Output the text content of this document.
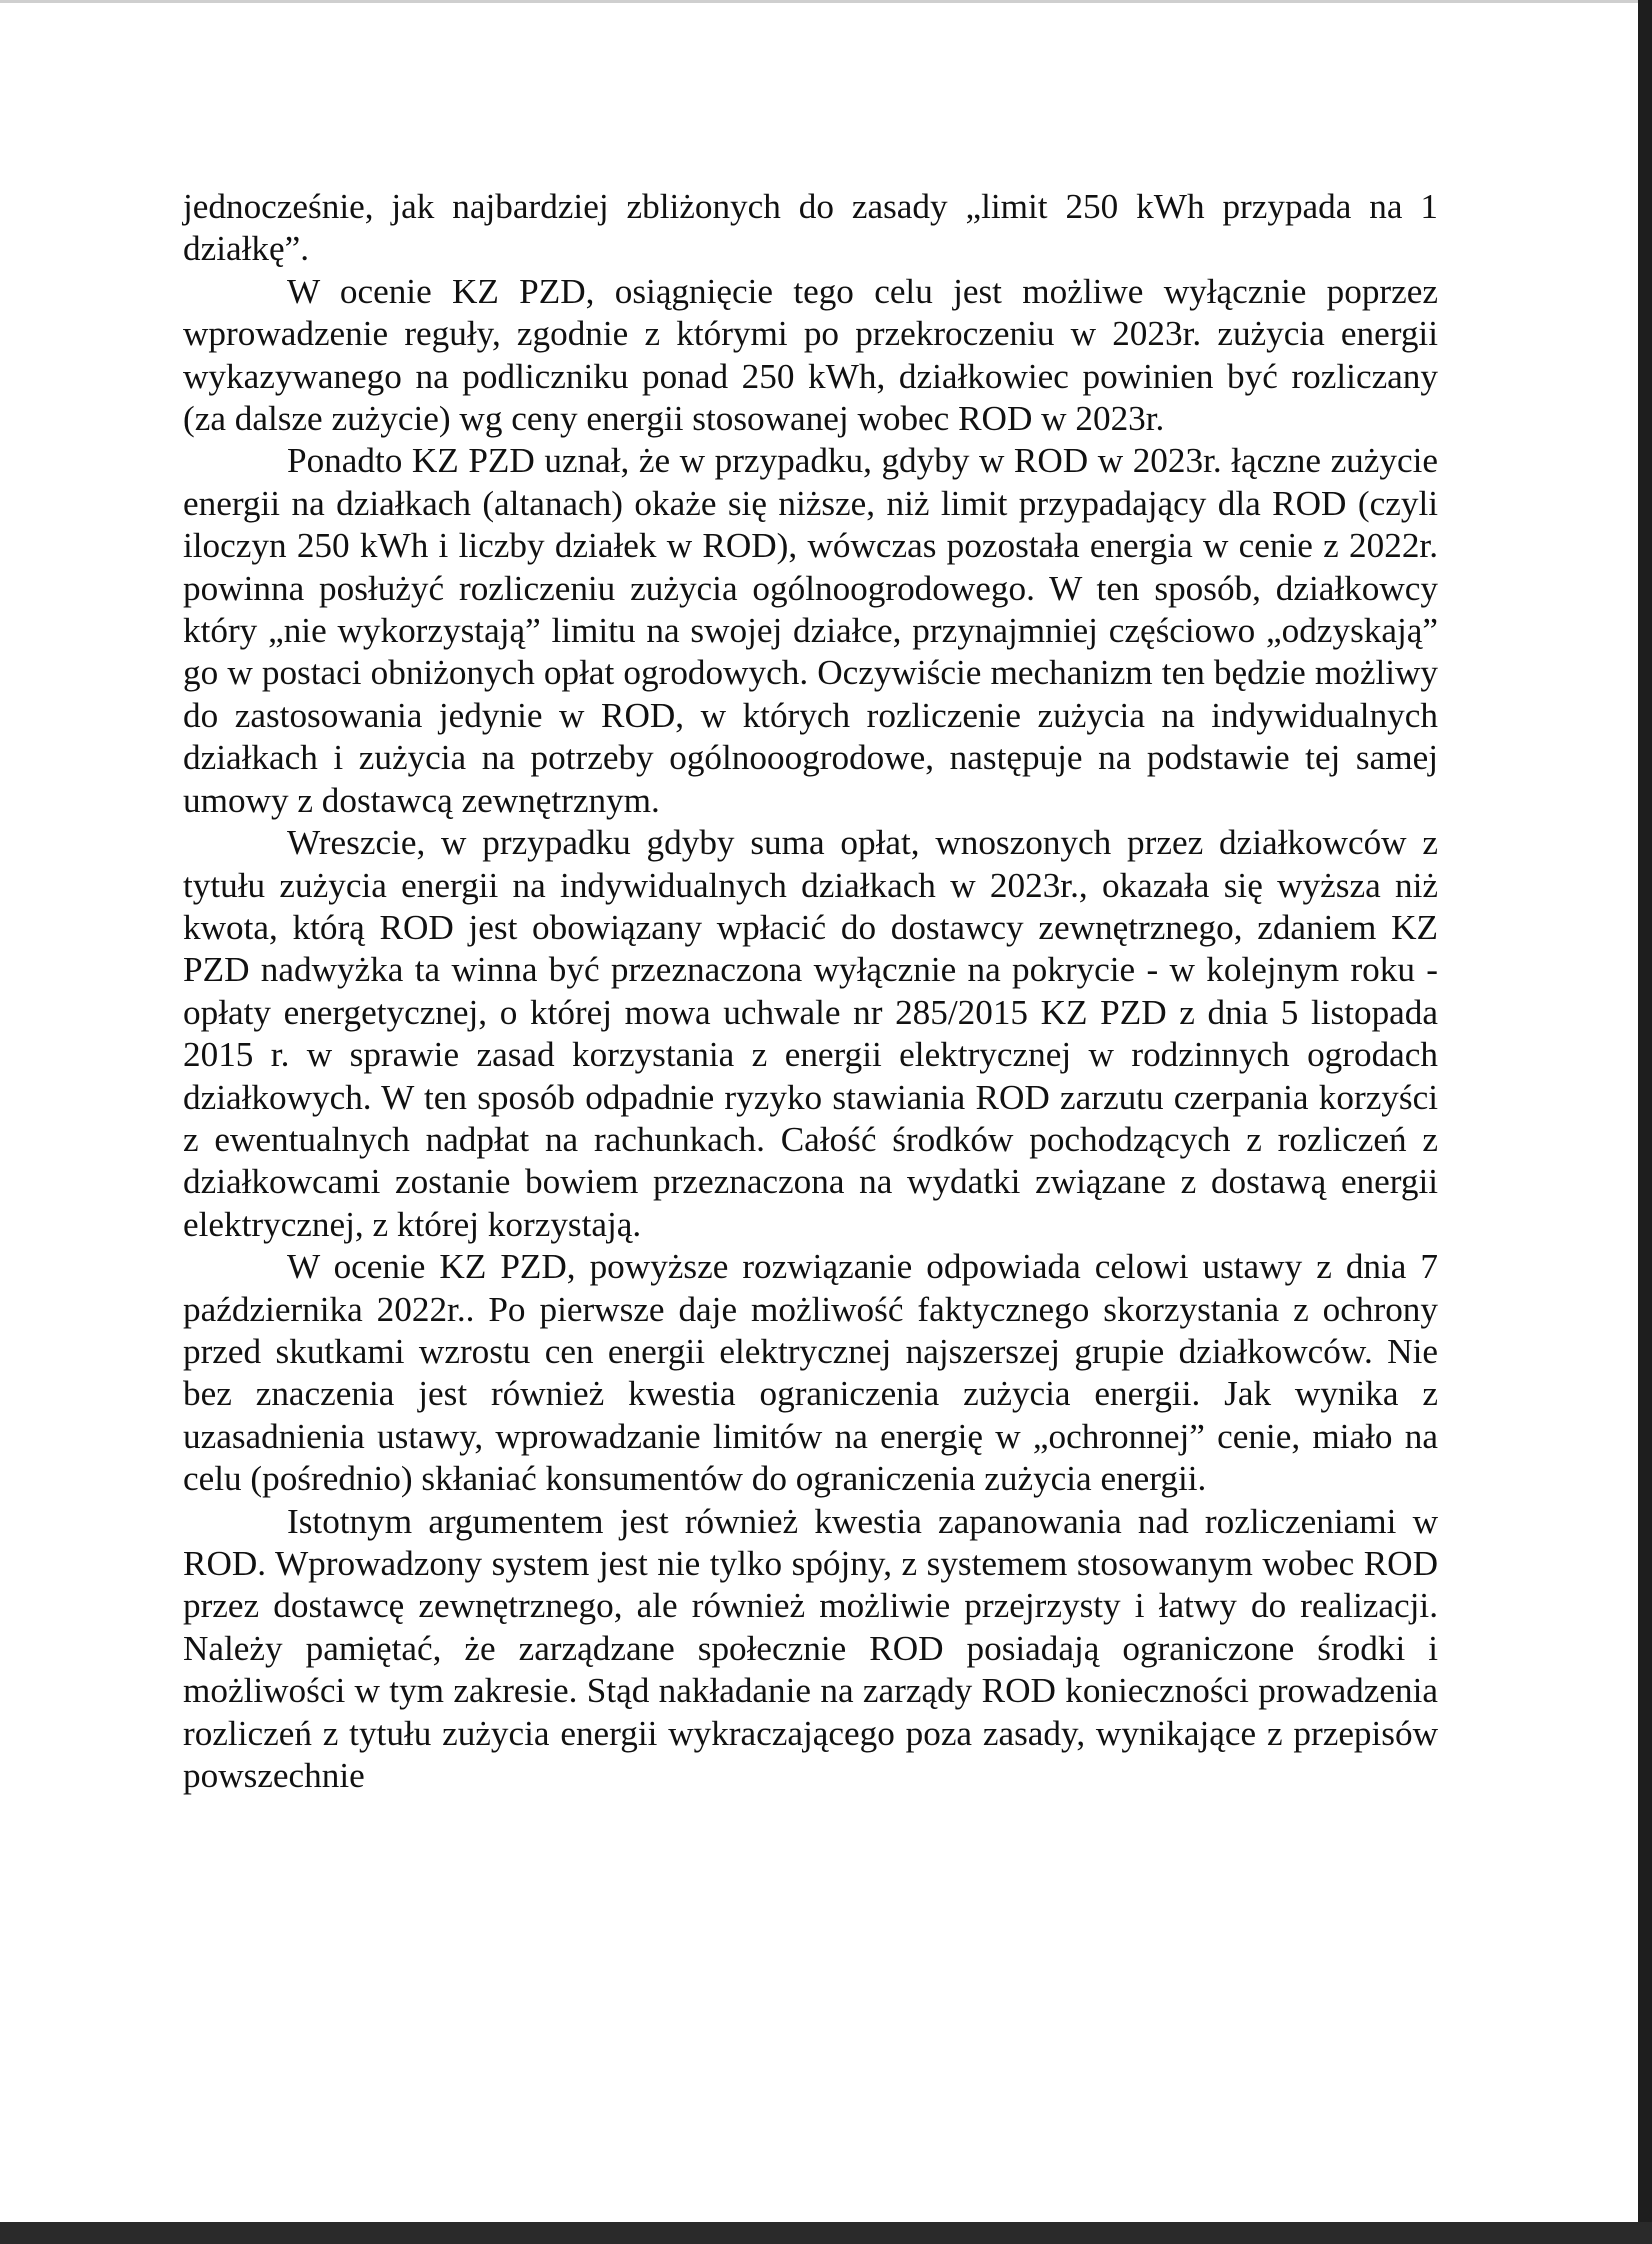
jednocześnie, jak najbardziej zbliżonych do zasady „limit 250 kWh przypada na 1 działkę”.

W ocenie KZ PZD, osiągnięcie tego celu jest możliwe wyłącznie poprzez wprowadzenie reguły, zgodnie z którymi po przekroczeniu w 2023r. zużycia energii wykazywanego na podliczniku ponad 250 kWh, działkowiec powinien być rozliczany (za dalsze zużycie) wg ceny energii stosowanej wobec ROD w 2023r.

Ponadto KZ PZD uznał, że w przypadku, gdyby w ROD w 2023r. łączne zużycie energii na działkach (altanach) okaże się niższe, niż limit przypadający dla ROD (czyli iloczyn 250 kWh i liczby działek w ROD), wówczas pozostała energia w cenie z 2022r. powinna posłużyć rozliczeniu zużycia ogólnoogrodowego. W ten sposób, działkowcy który „nie wykorzystają” limitu na swojej działce, przynajmniej częściowo „odzyskają” go w postaci obniżonych opłat ogrodowych. Oczywiście mechanizm ten będzie możliwy do zastosowania jedynie w ROD, w których rozliczenie zużycia na indywidualnych działkach i zużycia na potrzeby ogólnooogrodowe, następuje na podstawie tej samej umowy z dostawcą zewnętrznym.

Wreszcie, w przypadku gdyby suma opłat, wnoszonych przez działkowców z tytułu zużycia energii na indywidualnych działkach w 2023r., okazała się wyższa niż kwota, którą ROD jest obowiązany wpłacić do dostawcy zewnętrznego, zdaniem KZ PZD nadwyżka ta winna być przeznaczona wyłącznie na pokrycie - w kolejnym roku - opłaty energetycznej, o której mowa uchwale nr 285/2015 KZ PZD z dnia 5 listopada 2015 r. w sprawie zasad korzystania z energii elektrycznej w rodzinnych ogrodach działkowych. W ten sposób odpadnie ryzyko stawiania ROD zarzutu czerpania korzyści z ewentualnych nadpłat na rachunkach. Całość środków pochodzących z rozliczeń z działkowcami zostanie bowiem przeznaczona na wydatki związane z dostawą energii elektrycznej, z której korzystają.

W ocenie KZ PZD, powyższe rozwiązanie odpowiada celowi ustawy z dnia 7 października 2022r.. Po pierwsze daje możliwość faktycznego skorzystania z ochrony przed skutkami wzrostu cen energii elektrycznej najszerszej grupie działkowców. Nie bez znaczenia jest również kwestia ograniczenia zużycia energii. Jak wynika z uzasadnienia ustawy, wprowadzanie limitów na energię w „ochronnej” cenie, miało na celu (pośrednio) skłaniać konsumentów do ograniczenia zużycia energii.

Istotnym argumentem jest również kwestia zapanowania nad rozliczeniami w ROD. Wprowadzony system jest nie tylko spójny, z systemem stosowanym wobec ROD przez dostawcę zewnętrznego, ale również możliwie przejrzysty i łatwy do realizacji. Należy pamiętać, że zarządzane społecznie ROD posiadają ograniczone środki i możliwości w tym zakresie. Stąd nakładanie na zarządy ROD konieczności prowadzenia rozliczeń z tytułu zużycia energii wykraczającego poza zasady, wynikające z przepisów powszechnie
